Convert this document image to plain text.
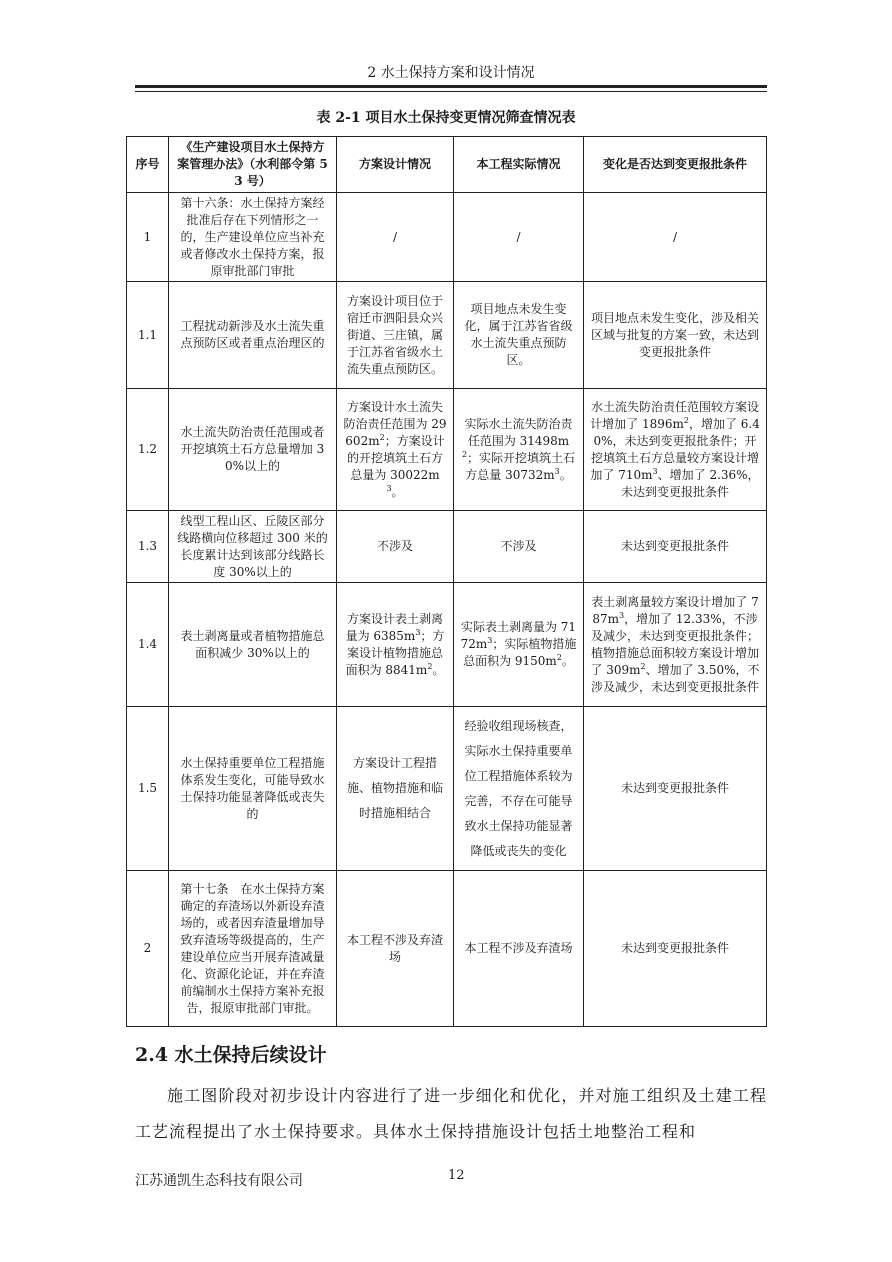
2 水土保持方案和设计情况
表 2-1 项目水土保持变更情况筛查情况表
序号	《生产建设项目水土保持方案管理办法》（水利部令第 53 号）	方案设计情况	本工程实际情况	变化是否达到变更报批条件
1	第十六条：水土保持方案经批准后存在下列情形之一的，生产建设单位应当补充或者修改水土保持方案，报原审批部门审批	/	/	/
1.1	工程扰动新涉及水土流失重点预防区或者重点治理区的	方案设计项目位于宿迁市泗阳县众兴街道、三庄镇，属于江苏省省级水土流失重点预防区。	项目地点未发生变化，属于江苏省省级水土流失重点预防区。	项目地点未发生变化，涉及相关区域与批复的方案一致，未达到变更报批条件
1.2	水土流失防治责任范围或者开挖填筑土石方总量增加 30%以上的	方案设计水土流失防治责任范围为 $29602m^2$；方案设计的开挖填筑土石方总量为 $30022m^3$。	实际水土流失防治责任范围为 $31498m^2$；实际开挖填筑土石方总量 $30732m^3$。	水土流失防治责任范围较方案设计增加了 $1896m^2$，增加了 6.40%，未达到变更报批条件；开挖填筑土石方总量较方案设计增加了 $710m^3$、增加了 2.36%，未达到变更报批条件
1.3	线型工程山区、丘陵区部分线路横向位移超过 300 米的长度累计达到该部分线路长度 30%以上的	不涉及	不涉及	未达到变更报批条件
1.4	表土剥离量或者植物措施总面积减少 30%以上的	方案设计表土剥离量为 $6385m^3$；方案设计植物措施总面积为 $8841m^2$。	实际表土剥离量为 $7172m^3$；实际植物措施总面积为 $9150m^2$。	表土剥离量较方案设计增加了 $787m^3$，增加了 12.33%，不涉及减少，未达到变更报批条件；植物措施总面积较方案设计增加了 $309m^2$、增加了 3.50%，不涉及减少，未达到变更报批条件
1.5	水土保持重要单位工程措施体系发生变化，可能导致水土保持功能显著降低或丧失的	方案设计工程措施、植物措施和临时措施相结合	经验收组现场核查，实际水土保持重要单位工程措施体系较为完善，不存在可能导致水土保持功能显著降低或丧失的变化	未达到变更报批条件
2	第十七条　在水土保持方案确定的弃渣场以外新设弃渣场的，或者因弃渣量增加导致弃渣场等级提高的，生产建设单位应当开展弃渣减量化、资源化论证，并在弃渣前编制水土保持方案补充报告，报原审批部门审批。	本工程不涉及弃渣场	本工程不涉及弃渣场	未达到变更报批条件
2.4 水土保持后续设计
施工图阶段对初步设计内容进行了进一步细化和优化，并对施工组织及土建工程工艺流程提出了水土保持要求。具体水土保持措施设计包括土地整治工程和
江苏通凯生态科技有限公司	12
